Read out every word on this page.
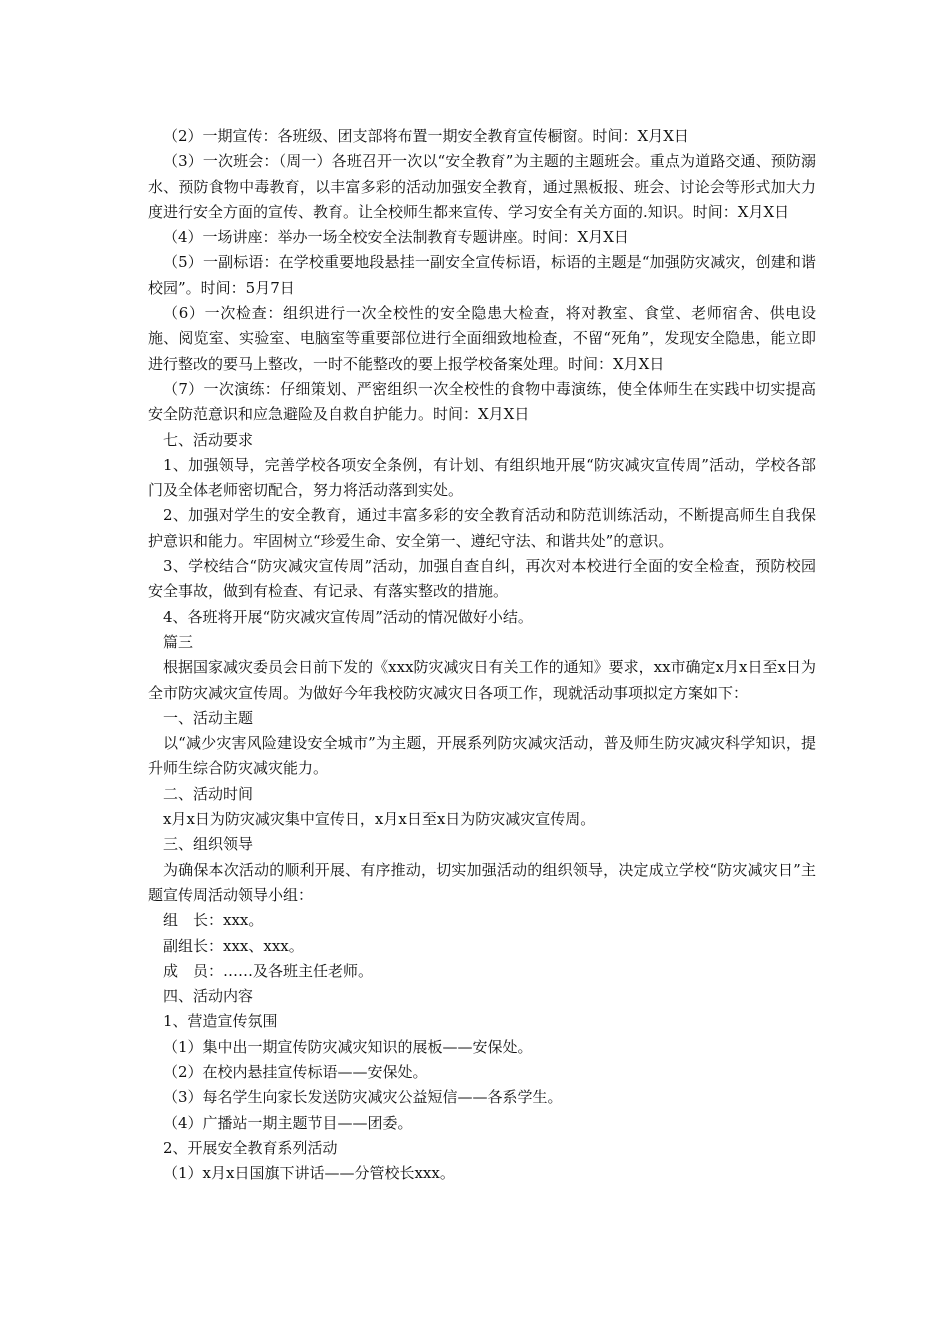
（2）一期宣传：各班级、团支部将布置一期安全教育宣传橱窗。时间：X月X日

（3）一次班会：（周一）各班召开一次以“安全教育”为主题的主题班会。重点为道路交通、预防溺水、预防食物中毒教育，以丰富多彩的活动加强安全教育，通过黑板报、班会、讨论会等形式加大力度进行安全方面的宣传、教育。让全校师生都来宣传、学习安全有关方面的.知识。时间：X月X日

（4）一场讲座：举办一场全校安全法制教育专题讲座。时间：X月X日

（5）一副标语：在学校重要地段悬挂一副安全宣传标语，标语的主题是“加强防灾减灾，创建和谐校园”。时间：5月7日

（6）一次检查：组织进行一次全校性的安全隐患大检查，将对教室、食堂、老师宿舍、供电设施、阅览室、实验室、电脑室等重要部位进行全面细致地检查，不留“死角”，发现安全隐患，能立即进行整改的要马上整改，一时不能整改的要上报学校备案处理。时间：X月X日

（7）一次演练：仔细策划、严密组织一次全校性的食物中毒演练，使全体师生在实践中切实提高安全防范意识和应急避险及自救自护能力。时间：X月X日

七、活动要求

1、加强领导，完善学校各项安全条例，有计划、有组织地开展“防灾减灾宣传周”活动，学校各部门及全体老师密切配合，努力将活动落到实处。

2、加强对学生的安全教育，通过丰富多彩的安全教育活动和防范训练活动，不断提高师生自我保护意识和能力。牢固树立“珍爱生命、安全第一、遵纪守法、和谐共处”的意识。

3、学校结合“防灾减灾宣传周”活动，加强自查自纠，再次对本校进行全面的安全检查，预防校园安全事故，做到有检查、有记录、有落实整改的措施。

4、各班将开展“防灾减灾宣传周”活动的情况做好小结。

篇三

根据国家减灾委员会日前下发的《xxx防灾减灾日有关工作的通知》要求，xx市确定x月x日至x日为全市防灾减灾宣传周。为做好今年我校防灾减灾日各项工作，现就活动事项拟定方案如下：

一、活动主题

以“减少灾害风险建设安全城市”为主题，开展系列防灾减灾活动，普及师生防灾减灾科学知识，提升师生综合防灾减灾能力。

二、活动时间

x月x日为防灾减灾集中宣传日，x月x日至x日为防灾减灾宣传周。

三、组织领导

为确保本次活动的顺利开展、有序推动，切实加强活动的组织领导，决定成立学校“防灾减灾日”主题宣传周活动领导小组：

组　长：xxx。

副组长：xxx、xxx。

成　员：……及各班主任老师。

四、活动内容

1、营造宣传氛围

（1）集中出一期宣传防灾减灾知识的展板——安保处。

（2）在校内悬挂宣传标语——安保处。

（3）每名学生向家长发送防灾减灾公益短信——各系学生。

（4）广播站一期主题节目——团委。

2、开展安全教育系列活动

（1）x月x日国旗下讲话——分管校长xxx。
